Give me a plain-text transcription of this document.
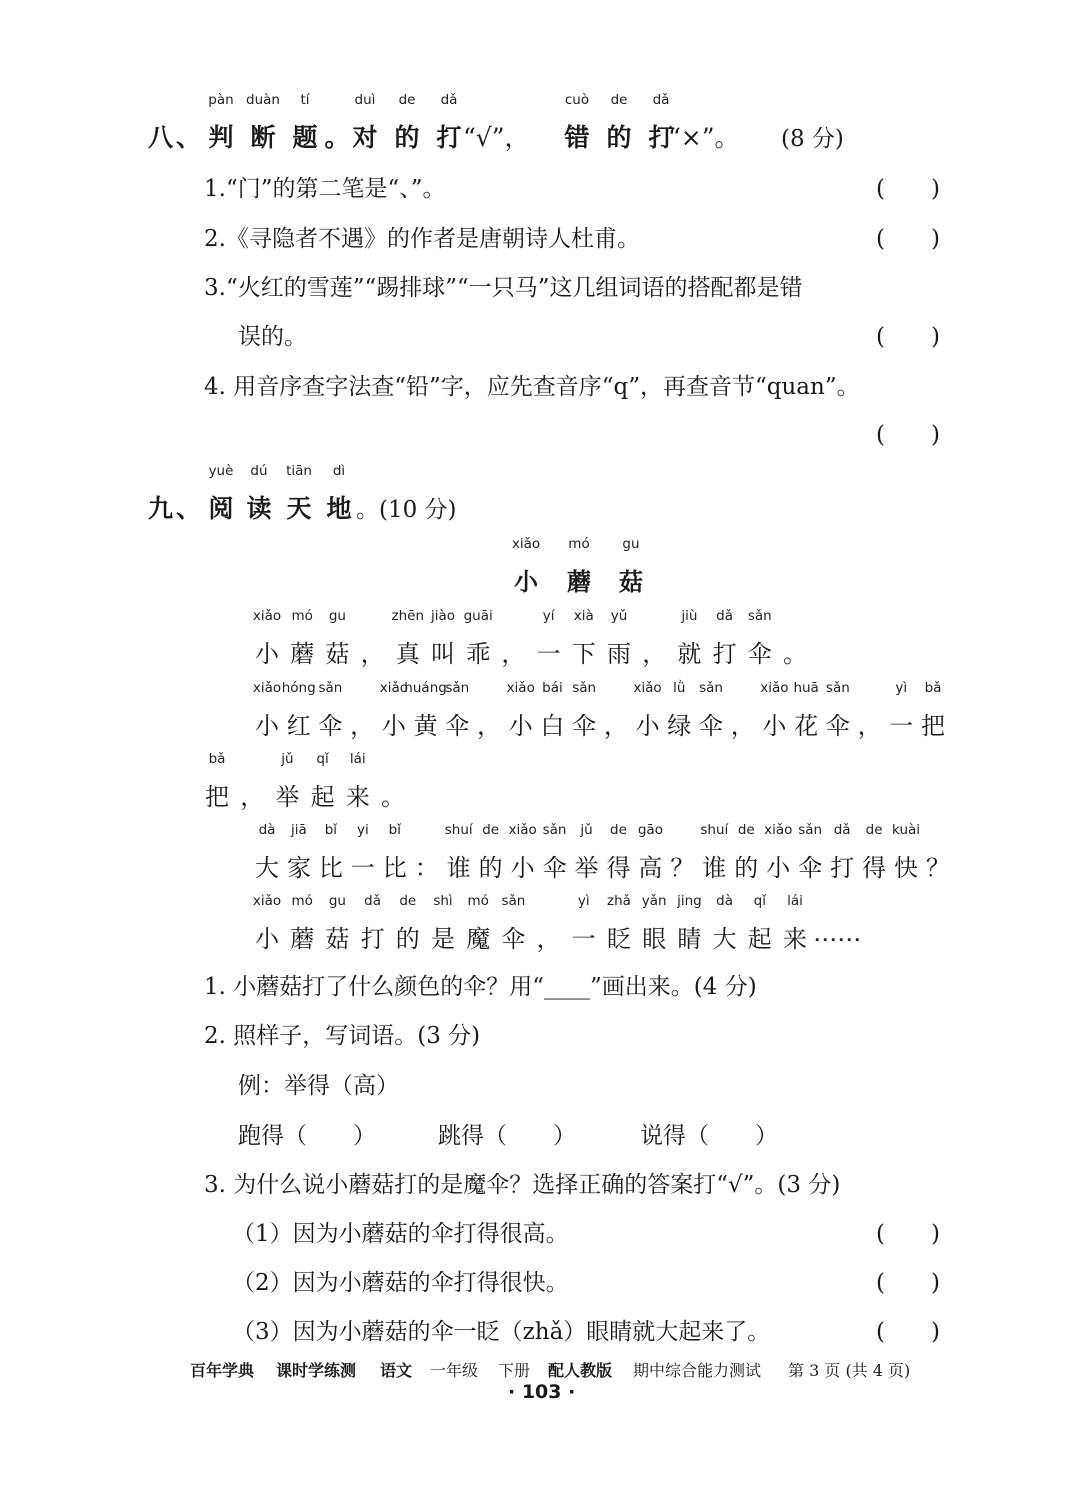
八 、
pàn
判
duàn
断
tí
题 。
duì
对
de
的
dǎ
打 “√”，
cuò
错
de
的
dǎ
打
“×”。 (8 分)
1.“门”的第二笔是“、”。	(　　)
2.《寻隐者不遇》的作者是唐朝诗人杜甫。	(　　)
3.“火红的雪莲”“踢排球”“一只马”这几组词语的搭配都是错
误的。	(　　)
4. 用音序查字法查“铅”字，应先查音序“q”，再查音节“quan”。
(　　)
九 、
yuè
阅
dú
读
tiān
天
dì
地 。(10 分)
xiǎo
小
mó
蘑
gu
菇
xiǎo
小
mó
蘑
gu
菇 ，
zhēn
真
jiào
叫
guāi
乖 ，
yí
一
xià
下
yǔ
雨 ，
jiù
就
dǎ
打
sǎn
伞 。
xiǎo
小
hóng
红
sǎn
伞 ，
xiǎo
小
huáng
黄
sǎn
伞 ，
xiǎo
小
bái
白
sǎn
伞 ，
xiǎo
小
lǜ
绿
sǎn
伞 ，
xiǎo
小
huā
花
sǎn
伞 ，
yì
一
bǎ
把
bǎ
把 ，
jǔ
举
qǐ
起
lái
来 。
dà
大
jiā
家
bǐ
比
yi
一
bǐ
比 ：
shuí
谁
de
的
xiǎo
小
sǎn
伞
jǔ
举
de
得
gāo
高 ？
shuí
谁
de
的
xiǎo
小
sǎn
伞
dǎ
打
de
得
kuài
快 ？
xiǎo
小
mó
蘑
gu
菇
dǎ
打
de
的
shì
是
mó
魔
sǎn
伞 ，
yì
一
zhǎ
眨
yǎn
眼
jing
睛
dà
大
qǐ
起
lái
来 ……
1. 小蘑菇打了什么颜色的伞？用“____”画出来。(4 分)
2. 照样子，写词语。(3 分)
例：举得（高）
跑得（　　）	跳得（　　）	说得（　　）
3. 为什么说小蘑菇打的是魔伞？选择正确的答案打“√”。(3 分)
（1）因为小蘑菇的伞打得很高。	(　　)
（2）因为小蘑菇的伞打得很快。	(　　)
（3）因为小蘑菇的伞一眨（zhǎ）眼睛就大起来了。	(　　)
百年学典 课时学练测 语文 一年级 下册 配人教版 期中综合能力测试 第 3 页 (共 4 页)
· 103 ·
